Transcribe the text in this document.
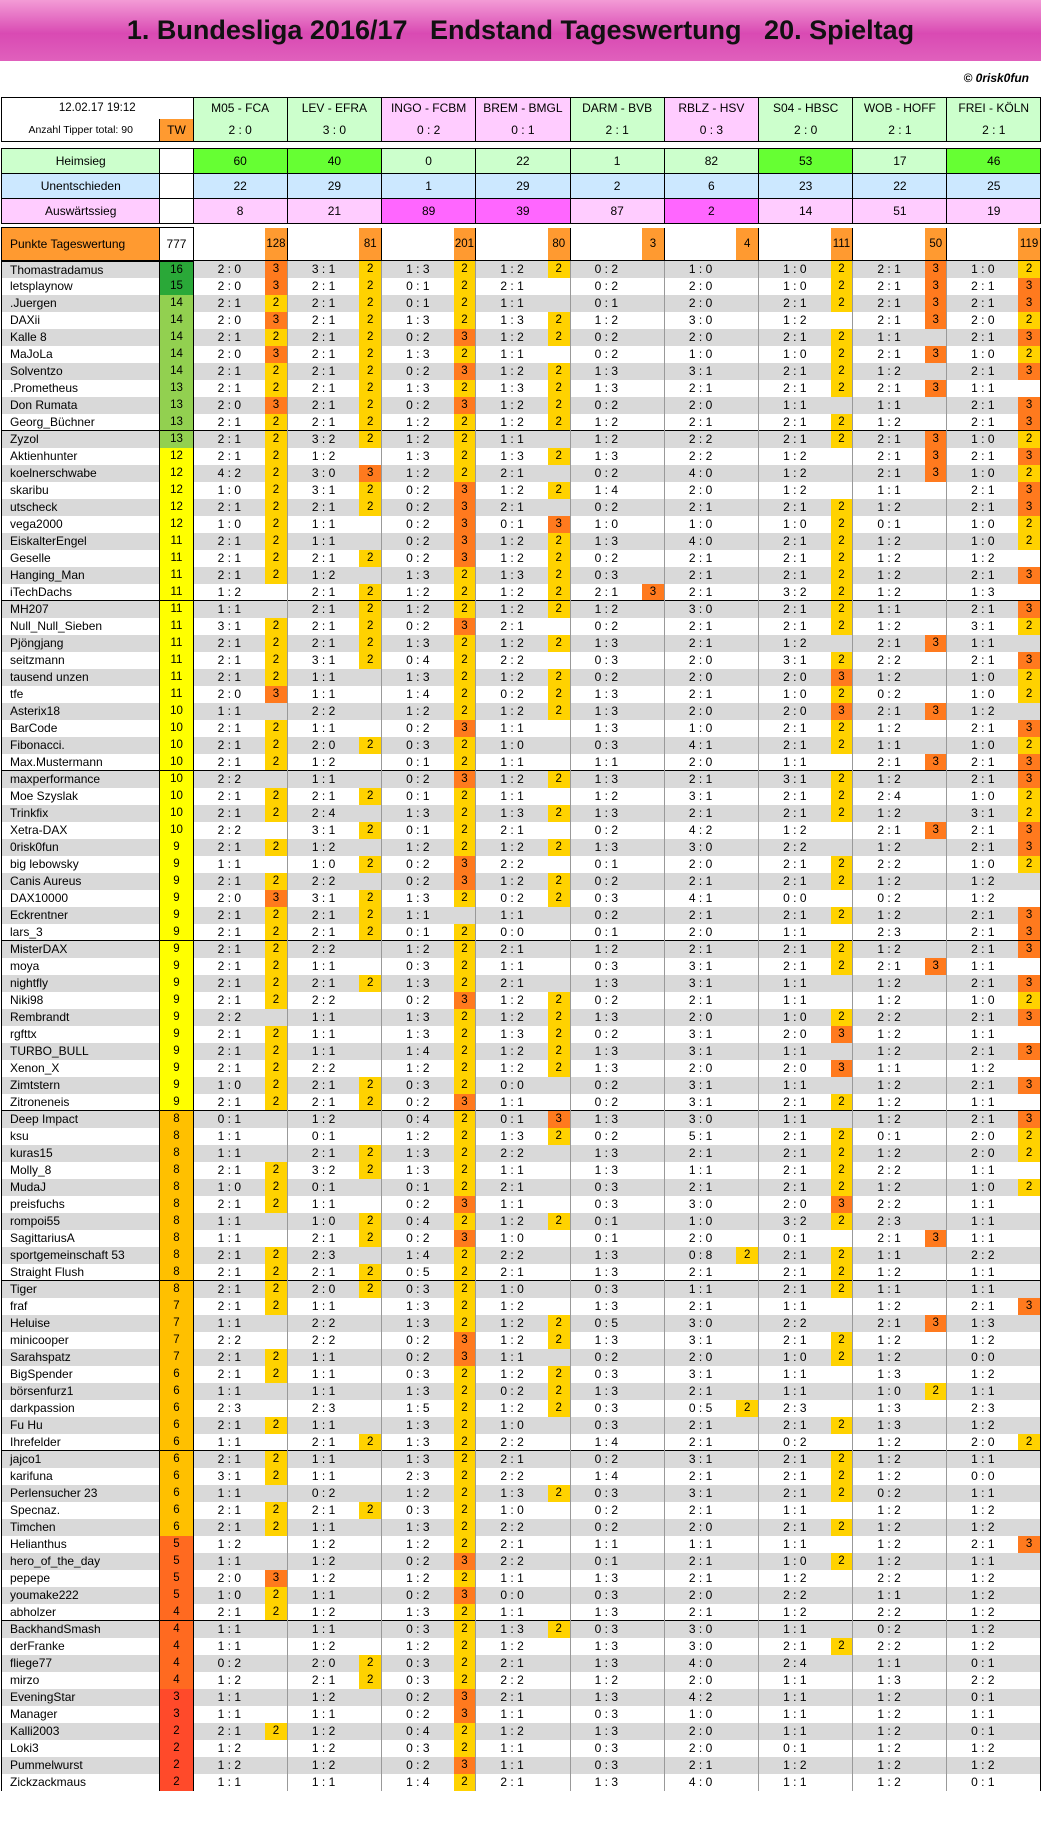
1. Bundesliga 2016/17   Endstand Tageswertung   20. Spieltag
© 0risk0fun
12.02.17 19:12		M05 - FCA		LEV - EFRA		INGO - FCBM		BREM - BMGL		DARM - BVB		RBLZ - HSV		S04 - HBSC		WOB - HOFF		FREI - KÖLN	
Anzahl Tipper total: 90	TW	2 : 0		3 : 0		0 : 2		0 : 1		2 : 1		0 : 3		2 : 0		2 : 1		2 : 1	

Heimsieg		60		40		0		22		1		82		53		17		46	
Unentschieden		22		29		1		29		2		6		23		22		25	
Auswärtssieg		8		21		89		39		87		2		14		51		19	

Punkte Tageswertung	777		128		81		201		80		3		4		111		50		119
Thomastradamus	16	2 : 0	3	3 : 1	2	1 : 3	2	1 : 2	2	0 : 2		1 : 0		1 : 0	2	2 : 1	3	1 : 0	2
letsplaynow	15	2 : 0	3	2 : 1	2	0 : 1	2	2 : 1		0 : 2		2 : 0		1 : 0	2	2 : 1	3	2 : 1	3
.Juergen	14	2 : 1	2	2 : 1	2	0 : 1	2	1 : 1		0 : 1		2 : 0		2 : 1	2	2 : 1	3	2 : 1	3
DAXii	14	2 : 0	3	2 : 1	2	1 : 3	2	1 : 3	2	1 : 2		3 : 0		1 : 2		2 : 1	3	2 : 0	2
Kalle 8	14	2 : 1	2	2 : 1	2	0 : 2	3	1 : 2	2	0 : 2		2 : 0		2 : 1	2	1 : 1		2 : 1	3
MaJoLa	14	2 : 0	3	2 : 1	2	1 : 3	2	1 : 1		0 : 2		1 : 0		1 : 0	2	2 : 1	3	1 : 0	2
Solventzo	14	2 : 1	2	2 : 1	2	0 : 2	3	1 : 2	2	1 : 3		3 : 1		2 : 1	2	1 : 2		2 : 1	3
.Prometheus	13	2 : 1	2	2 : 1	2	1 : 3	2	1 : 3	2	1 : 3		2 : 1		2 : 1	2	2 : 1	3	1 : 1	
Don Rumata	13	2 : 0	3	2 : 1	2	0 : 2	3	1 : 2	2	0 : 2		2 : 0		1 : 1		1 : 1		2 : 1	3
Georg_Büchner	13	2 : 1	2	2 : 1	2	1 : 2	2	1 : 2	2	1 : 2		2 : 1		2 : 1	2	1 : 2		2 : 1	3
Zyzol	13	2 : 1	2	3 : 2	2	1 : 2	2	1 : 1		1 : 2		2 : 2		2 : 1	2	2 : 1	3	1 : 0	2
Aktienhunter	12	2 : 1	2	1 : 2		1 : 3	2	1 : 3	2	1 : 3		2 : 2		1 : 2		2 : 1	3	2 : 1	3
koelnerschwabe	12	4 : 2	2	3 : 0	3	1 : 2	2	2 : 1		0 : 2		4 : 0		1 : 2		2 : 1	3	1 : 0	2
skaribu	12	1 : 0	2	3 : 1	2	0 : 2	3	1 : 2	2	1 : 4		2 : 0		1 : 2		1 : 1		2 : 1	3
utscheck	12	2 : 1	2	2 : 1	2	0 : 2	3	2 : 1		0 : 2		2 : 1		2 : 1	2	1 : 2		2 : 1	3
vega2000	12	1 : 0	2	1 : 1		0 : 2	3	0 : 1	3	1 : 0		1 : 0		1 : 0	2	0 : 1		1 : 0	2
EiskalterEngel	11	2 : 1	2	1 : 1		0 : 2	3	1 : 2	2	1 : 3		4 : 0		2 : 1	2	1 : 2		1 : 0	2
Geselle	11	2 : 1	2	2 : 1	2	0 : 2	3	1 : 2	2	0 : 2		2 : 1		2 : 1	2	1 : 2		1 : 2	
Hanging_Man	11	2 : 1	2	1 : 2		1 : 3	2	1 : 3	2	0 : 3		2 : 1		2 : 1	2	1 : 2		2 : 1	3
iTechDachs	11	1 : 2		2 : 1	2	1 : 2	2	1 : 2	2	2 : 1	3	2 : 1		3 : 2	2	1 : 2		1 : 3	
MH207	11	1 : 1		2 : 1	2	1 : 2	2	1 : 2	2	1 : 2		3 : 0		2 : 1	2	1 : 1		2 : 1	3
Null_Null_Sieben	11	3 : 1	2	2 : 1	2	0 : 2	3	2 : 1		0 : 2		2 : 1		2 : 1	2	1 : 2		3 : 1	2
Pjöngjang	11	2 : 1	2	2 : 1	2	1 : 3	2	1 : 2	2	1 : 3		2 : 1		1 : 2		2 : 1	3	1 : 1	
seitzmann	11	2 : 1	2	3 : 1	2	0 : 4	2	2 : 2		0 : 3		2 : 0		3 : 1	2	2 : 2		2 : 1	3
tausend unzen	11	2 : 1	2	1 : 1		1 : 3	2	1 : 2	2	0 : 2		2 : 0		2 : 0	3	1 : 2		1 : 0	2
tfe	11	2 : 0	3	1 : 1		1 : 4	2	0 : 2	2	1 : 3		2 : 1		1 : 0	2	0 : 2		1 : 0	2
Asterix18	10	1 : 1		2 : 2		1 : 2	2	1 : 2	2	1 : 3		2 : 0		2 : 0	3	2 : 1	3	1 : 2	
BarCode	10	2 : 1	2	1 : 1		0 : 2	3	1 : 1		1 : 3		1 : 0		2 : 1	2	1 : 2		2 : 1	3
Fibonacci.	10	2 : 1	2	2 : 0	2	0 : 3	2	1 : 0		0 : 3		4 : 1		2 : 1	2	1 : 1		1 : 0	2
Max.Mustermann	10	2 : 1	2	1 : 2		0 : 1	2	1 : 1		1 : 1		2 : 0		1 : 1		2 : 1	3	2 : 1	3
maxperformance	10	2 : 2		1 : 1		0 : 2	3	1 : 2	2	1 : 3		2 : 1		3 : 1	2	1 : 2		2 : 1	3
Moe Szyslak	10	2 : 1	2	2 : 1	2	0 : 1	2	1 : 1		1 : 2		3 : 1		2 : 1	2	2 : 4		1 : 0	2
Trinkfix	10	2 : 1	2	2 : 4		1 : 3	2	1 : 3	2	1 : 3		2 : 1		2 : 1	2	1 : 2		3 : 1	2
Xetra-DAX	10	2 : 2		3 : 1	2	0 : 1	2	2 : 1		0 : 2		4 : 2		1 : 2		2 : 1	3	2 : 1	3
0risk0fun	9	2 : 1	2	1 : 2		1 : 2	2	1 : 2	2	1 : 3		3 : 0		2 : 2		1 : 2		2 : 1	3
big lebowsky	9	1 : 1		1 : 0	2	0 : 2	3	2 : 2		0 : 1		2 : 0		2 : 1	2	2 : 2		1 : 0	2
Canis Aureus	9	2 : 1	2	2 : 2		0 : 2	3	1 : 2	2	0 : 2		2 : 1		2 : 1	2	1 : 2		1 : 2	
DAX10000	9	2 : 0	3	3 : 1	2	1 : 3	2	0 : 2	2	0 : 3		4 : 1		0 : 0		0 : 2		1 : 2	
Eckrentner	9	2 : 1	2	2 : 1	2	1 : 1		1 : 1		0 : 2		2 : 1		2 : 1	2	1 : 2		2 : 1	3
lars_3	9	2 : 1	2	2 : 1	2	0 : 1	2	0 : 0		0 : 1		2 : 0		1 : 1		2 : 3		2 : 1	3
MisterDAX	9	2 : 1	2	2 : 2		1 : 2	2	2 : 1		1 : 2		2 : 1		2 : 1	2	1 : 2		2 : 1	3
moya	9	2 : 1	2	1 : 1		0 : 3	2	1 : 1		0 : 3		3 : 1		2 : 1	2	2 : 1	3	1 : 1	
nightfly	9	2 : 1	2	2 : 1	2	1 : 3	2	2 : 1		1 : 3		3 : 1		1 : 1		1 : 2		2 : 1	3
Niki98	9	2 : 1	2	2 : 2		0 : 2	3	1 : 2	2	0 : 2		2 : 1		1 : 1		1 : 2		1 : 0	2
Rembrandt	9	2 : 2		1 : 1		1 : 3	2	1 : 2	2	1 : 3		2 : 0		1 : 0	2	2 : 2		2 : 1	3
rgfttx	9	2 : 1	2	1 : 1		1 : 3	2	1 : 3	2	0 : 2		3 : 1		2 : 0	3	1 : 2		1 : 1	
TURBO_BULL	9	2 : 1	2	1 : 1		1 : 4	2	1 : 2	2	1 : 3		3 : 1		1 : 1		1 : 2		2 : 1	3
Xenon_X	9	2 : 1	2	2 : 2		1 : 2	2	1 : 2	2	1 : 3		2 : 0		2 : 0	3	1 : 1		1 : 2	
Zimtstern	9	1 : 0	2	2 : 1	2	0 : 3	2	0 : 0		0 : 2		3 : 1		1 : 1		1 : 2		2 : 1	3
Zitroneneis	9	2 : 1	2	2 : 1	2	0 : 2	3	1 : 1		0 : 2		3 : 1		2 : 1	2	1 : 2		1 : 1	
Deep Impact	8	0 : 1		1 : 2		0 : 4	2	0 : 1	3	1 : 3		3 : 0		1 : 1		1 : 2		2 : 1	3
ksu	8	1 : 1		0 : 1		1 : 2	2	1 : 3	2	0 : 2		5 : 1		2 : 1	2	0 : 1		2 : 0	2
kuras15	8	1 : 1		2 : 1	2	1 : 3	2	2 : 2		1 : 3		2 : 1		2 : 1	2	1 : 2		2 : 0	2
Molly_8	8	2 : 1	2	3 : 2	2	1 : 3	2	1 : 1		1 : 3		1 : 1		2 : 1	2	2 : 2		1 : 1	
MudaJ	8	1 : 0	2	0 : 1		0 : 1	2	2 : 1		0 : 3		2 : 1		2 : 1	2	1 : 2		1 : 0	2
preisfuchs	8	2 : 1	2	1 : 1		0 : 2	3	1 : 1		0 : 3		3 : 0		2 : 0	3	2 : 2		1 : 1	
rompoi55	8	1 : 1		1 : 0	2	0 : 4	2	1 : 2	2	0 : 1		1 : 0		3 : 2	2	2 : 3		1 : 1	
SagittariusA	8	1 : 1		2 : 1	2	0 : 2	3	1 : 0		0 : 1		2 : 0		0 : 1		2 : 1	3	1 : 1	
sportgemeinschaft 53	8	2 : 1	2	2 : 3		1 : 4	2	2 : 2		1 : 3		0 : 8	2	2 : 1	2	1 : 1		2 : 2	
Straight Flush	8	2 : 1	2	2 : 1	2	0 : 5	2	2 : 1		1 : 3		2 : 1		2 : 1	2	1 : 2		1 : 1	
Tiger	8	2 : 1	2	2 : 0	2	0 : 3	2	1 : 0		0 : 3		1 : 1		2 : 1	2	1 : 1		1 : 1	
fraf	7	2 : 1	2	1 : 1		1 : 3	2	1 : 2		1 : 3		2 : 1		1 : 1		1 : 2		2 : 1	3
Heluise	7	1 : 1		2 : 2		1 : 3	2	1 : 2	2	0 : 5		3 : 0		2 : 2		2 : 1	3	1 : 3	
minicooper	7	2 : 2		2 : 2		0 : 2	3	1 : 2	2	1 : 3		3 : 1		2 : 1	2	1 : 2		1 : 2	
Sarahspatz	7	2 : 1	2	1 : 1		0 : 2	3	1 : 1		0 : 2		2 : 0		1 : 0	2	1 : 2		0 : 0	
BigSpender	6	2 : 1	2	1 : 1		0 : 3	2	1 : 2	2	0 : 3		3 : 1		1 : 1		1 : 3		1 : 2	
börsenfurz1	6	1 : 1		1 : 1		1 : 3	2	0 : 2	2	1 : 3		2 : 1		1 : 1		1 : 0	2	1 : 1	
darkpassion	6	2 : 3		2 : 3		1 : 5	2	1 : 2	2	0 : 3		0 : 5	2	2 : 3		1 : 3		2 : 3	
Fu Hu	6	2 : 1	2	1 : 1		1 : 3	2	1 : 0		0 : 3		2 : 1		2 : 1	2	1 : 3		1 : 2	
Ihrefelder	6	1 : 1		2 : 1	2	1 : 3	2	2 : 2		1 : 4		2 : 1		0 : 2		1 : 2		2 : 0	2
jajco1	6	2 : 1	2	1 : 1		1 : 3	2	2 : 1		0 : 2		3 : 1		2 : 1	2	1 : 2		1 : 1	
karifuna	6	3 : 1	2	1 : 1		2 : 3	2	2 : 2		1 : 4		2 : 1		2 : 1	2	1 : 2		0 : 0	
Perlensucher 23	6	1 : 1		0 : 2		1 : 2	2	1 : 3	2	0 : 3		3 : 1		2 : 1	2	0 : 2		1 : 1	
Specnaz.	6	2 : 1	2	2 : 1	2	0 : 3	2	1 : 0		0 : 2		2 : 1		1 : 1		1 : 2		1 : 2	
Timchen	6	2 : 1	2	1 : 1		1 : 3	2	2 : 2		0 : 2		2 : 0		2 : 1	2	1 : 2		1 : 2	
Helianthus	5	1 : 2		1 : 2		1 : 2	2	2 : 1		1 : 1		1 : 1		1 : 1		1 : 2		2 : 1	3
hero_of_the_day	5	1 : 1		1 : 2		0 : 2	3	2 : 2		0 : 1		2 : 1		1 : 0	2	1 : 2		1 : 1	
pepepe	5	2 : 0	3	1 : 2		1 : 2	2	1 : 1		1 : 3		2 : 1		1 : 2		2 : 2		1 : 2	
youmake222	5	1 : 0	2	1 : 1		0 : 2	3	0 : 0		0 : 3		2 : 0		2 : 2		1 : 1		1 : 2	
abholzer	4	2 : 1	2	1 : 2		1 : 3	2	1 : 1		1 : 3		2 : 1		1 : 2		2 : 2		1 : 2	
BackhandSmash	4	1 : 1		1 : 1		0 : 3	2	1 : 3	2	0 : 3		3 : 0		1 : 1		0 : 2		1 : 2	
derFranke	4	1 : 1		1 : 2		1 : 2	2	1 : 2		1 : 3		3 : 0		2 : 1	2	2 : 2		1 : 2	
fliege77	4	0 : 2		2 : 0	2	0 : 3	2	2 : 1		1 : 3		4 : 0		2 : 4		1 : 1		0 : 1	
mirzo	4	1 : 2		2 : 1	2	0 : 3	2	2 : 2		1 : 2		2 : 0		1 : 1		1 : 3		2 : 2	
EveningStar	3	1 : 1		1 : 2		0 : 2	3	2 : 1		1 : 3		4 : 2		1 : 1		1 : 2		0 : 1	
Manager	3	1 : 1		1 : 1		0 : 2	3	1 : 1		0 : 3		1 : 0		1 : 1		1 : 2		1 : 1	
Kalli2003	2	2 : 1	2	1 : 2		0 : 4	2	1 : 2		1 : 3		2 : 0		1 : 1		1 : 2		0 : 1	
Loki3	2	1 : 2		1 : 2		0 : 3	2	1 : 1		0 : 3		2 : 0		0 : 1		1 : 2		1 : 2	
Pummelwurst	2	1 : 2		1 : 2		0 : 2	3	1 : 1		0 : 3		2 : 1		1 : 2		1 : 2		1 : 2	
Zickzackmaus	2	1 : 1		1 : 1		1 : 4	2	2 : 1		1 : 3		4 : 0		1 : 1		1 : 2		0 : 1	
